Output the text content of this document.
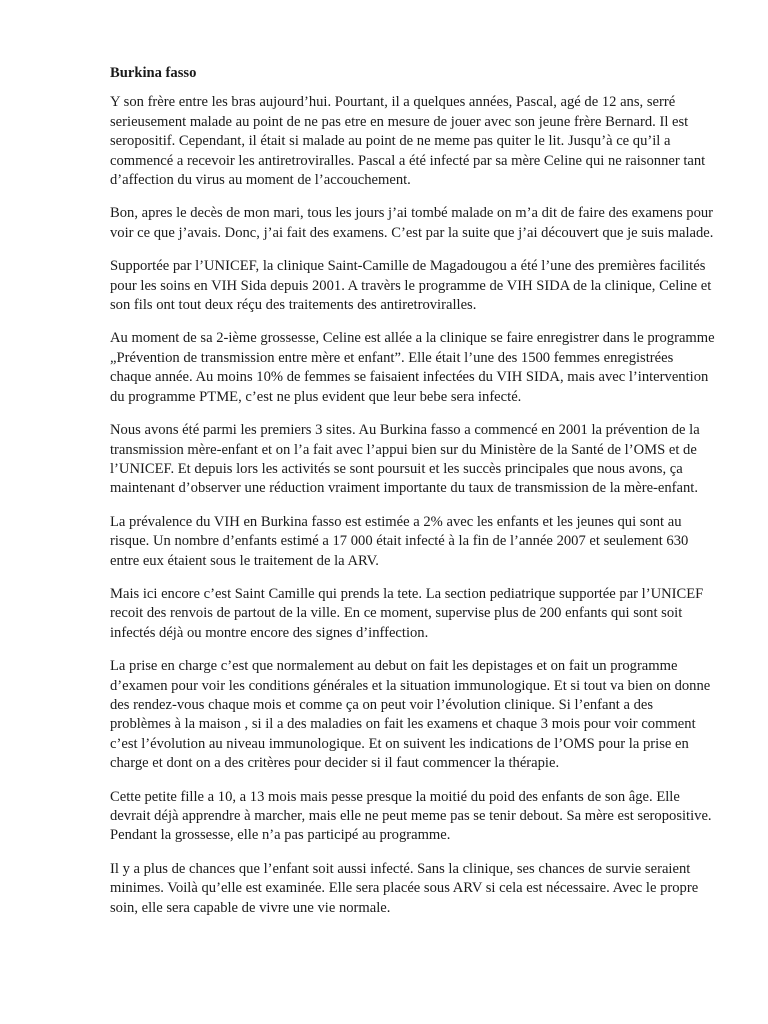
Burkina fasso

Y son frère entre les bras aujourd’hui. Pourtant, il a quelques années, Pascal, agé de 12 ans, serré serieusement malade au point de ne pas etre en mesure de jouer avec son jeune frère Bernard. Il est seropositif. Cependant, il était si malade au point de ne meme pas quiter le lit. Jusqu’à ce qu’il a commencé a recevoir les antiretroviralles. Pascal a été infecté par sa mère Celine qui ne raisonner tant d’affection du virus au moment de l’accouchement.

Bon, apres le decès de mon mari, tous les jours j’ai tombé malade on m’a dit de faire des examens pour voir ce que j’avais. Donc, j’ai fait des examens. C’est par la suite que j’ai découvert que je suis malade.

Supportée par l’UNICEF, la clinique Saint-Camille de Magadougou a été l’une des premières facilités pour les soins en VIH Sida depuis 2001. A travèrs le programme de VIH SIDA de la clinique, Celine et son fils ont tout deux réçu des traitements des antiretroviralles.

Au moment de sa 2-ième grossesse, Celine est allée a la clinique se faire enregistrer dans le programme „Prévention de transmission entre mère et enfant”. Elle était l’une des 1500 femmes enregistrées chaque année. Au moins 10% de femmes se faisaient infectées du VIH SIDA, mais avec l’intervention du programme PTME, c’est ne plus evident que leur bebe sera infecté.

Nous avons été parmi les premiers 3 sites. Au Burkina fasso a commencé en 2001 la prévention de la transmission mère-enfant et on l’a fait avec l’appui bien sur du Ministère de la Santé de l’OMS et de l’UNICEF. Et depuis lors les activités se sont poursuit et les succès principales que nous avons, ça maintenant d’observer une réduction vraiment importante du taux de transmission de la mère-enfant.

La prévalence du VIH en Burkina fasso est estimée a 2% avec les enfants et les jeunes qui sont au risque. Un nombre d’enfants estimé a 17 000 était infecté à la fin de l’année 2007 et seulement 630 entre eux étaient sous le traitement de la ARV.

Mais ici encore c’est Saint Camille qui prends la tete. La section pediatrique supportée par l’UNICEF recoit des renvois de partout de la ville. En ce moment, supervise plus de 200 enfants qui sont soit infectés déjà ou montre encore des signes d’inffection.

La prise en charge c’est que normalement au debut on fait les depistages et on fait un programme d’examen pour voir les conditions générales et la situation immunologique. Et si tout va bien on donne des rendez-vous chaque mois et comme ça on peut voir l’évolution clinique. Si l’enfant a des problèmes à la maison , si il a des maladies on fait les examens et chaque 3 mois pour voir comment c’est l’évolution au niveau immunologique. Et on suivent les indications de l’OMS pour la prise en charge et dont on a des critères pour decider si il faut commencer la thérapie.

Cette petite fille a 10, a 13 mois mais pesse presque la moitié du poid des enfants de son âge. Elle devrait déjà apprendre à marcher, mais elle ne peut meme pas se tenir debout. Sa mère est seropositive. Pendant la grossesse, elle n’a pas participé au programme.

Il y a plus de chances que l’enfant soit aussi infecté. Sans la clinique, ses chances de survie seraient minimes. Voilà qu’elle est examinée. Elle sera placée sous ARV si cela est nécessaire. Avec le propre soin, elle sera capable de vivre une vie normale.
